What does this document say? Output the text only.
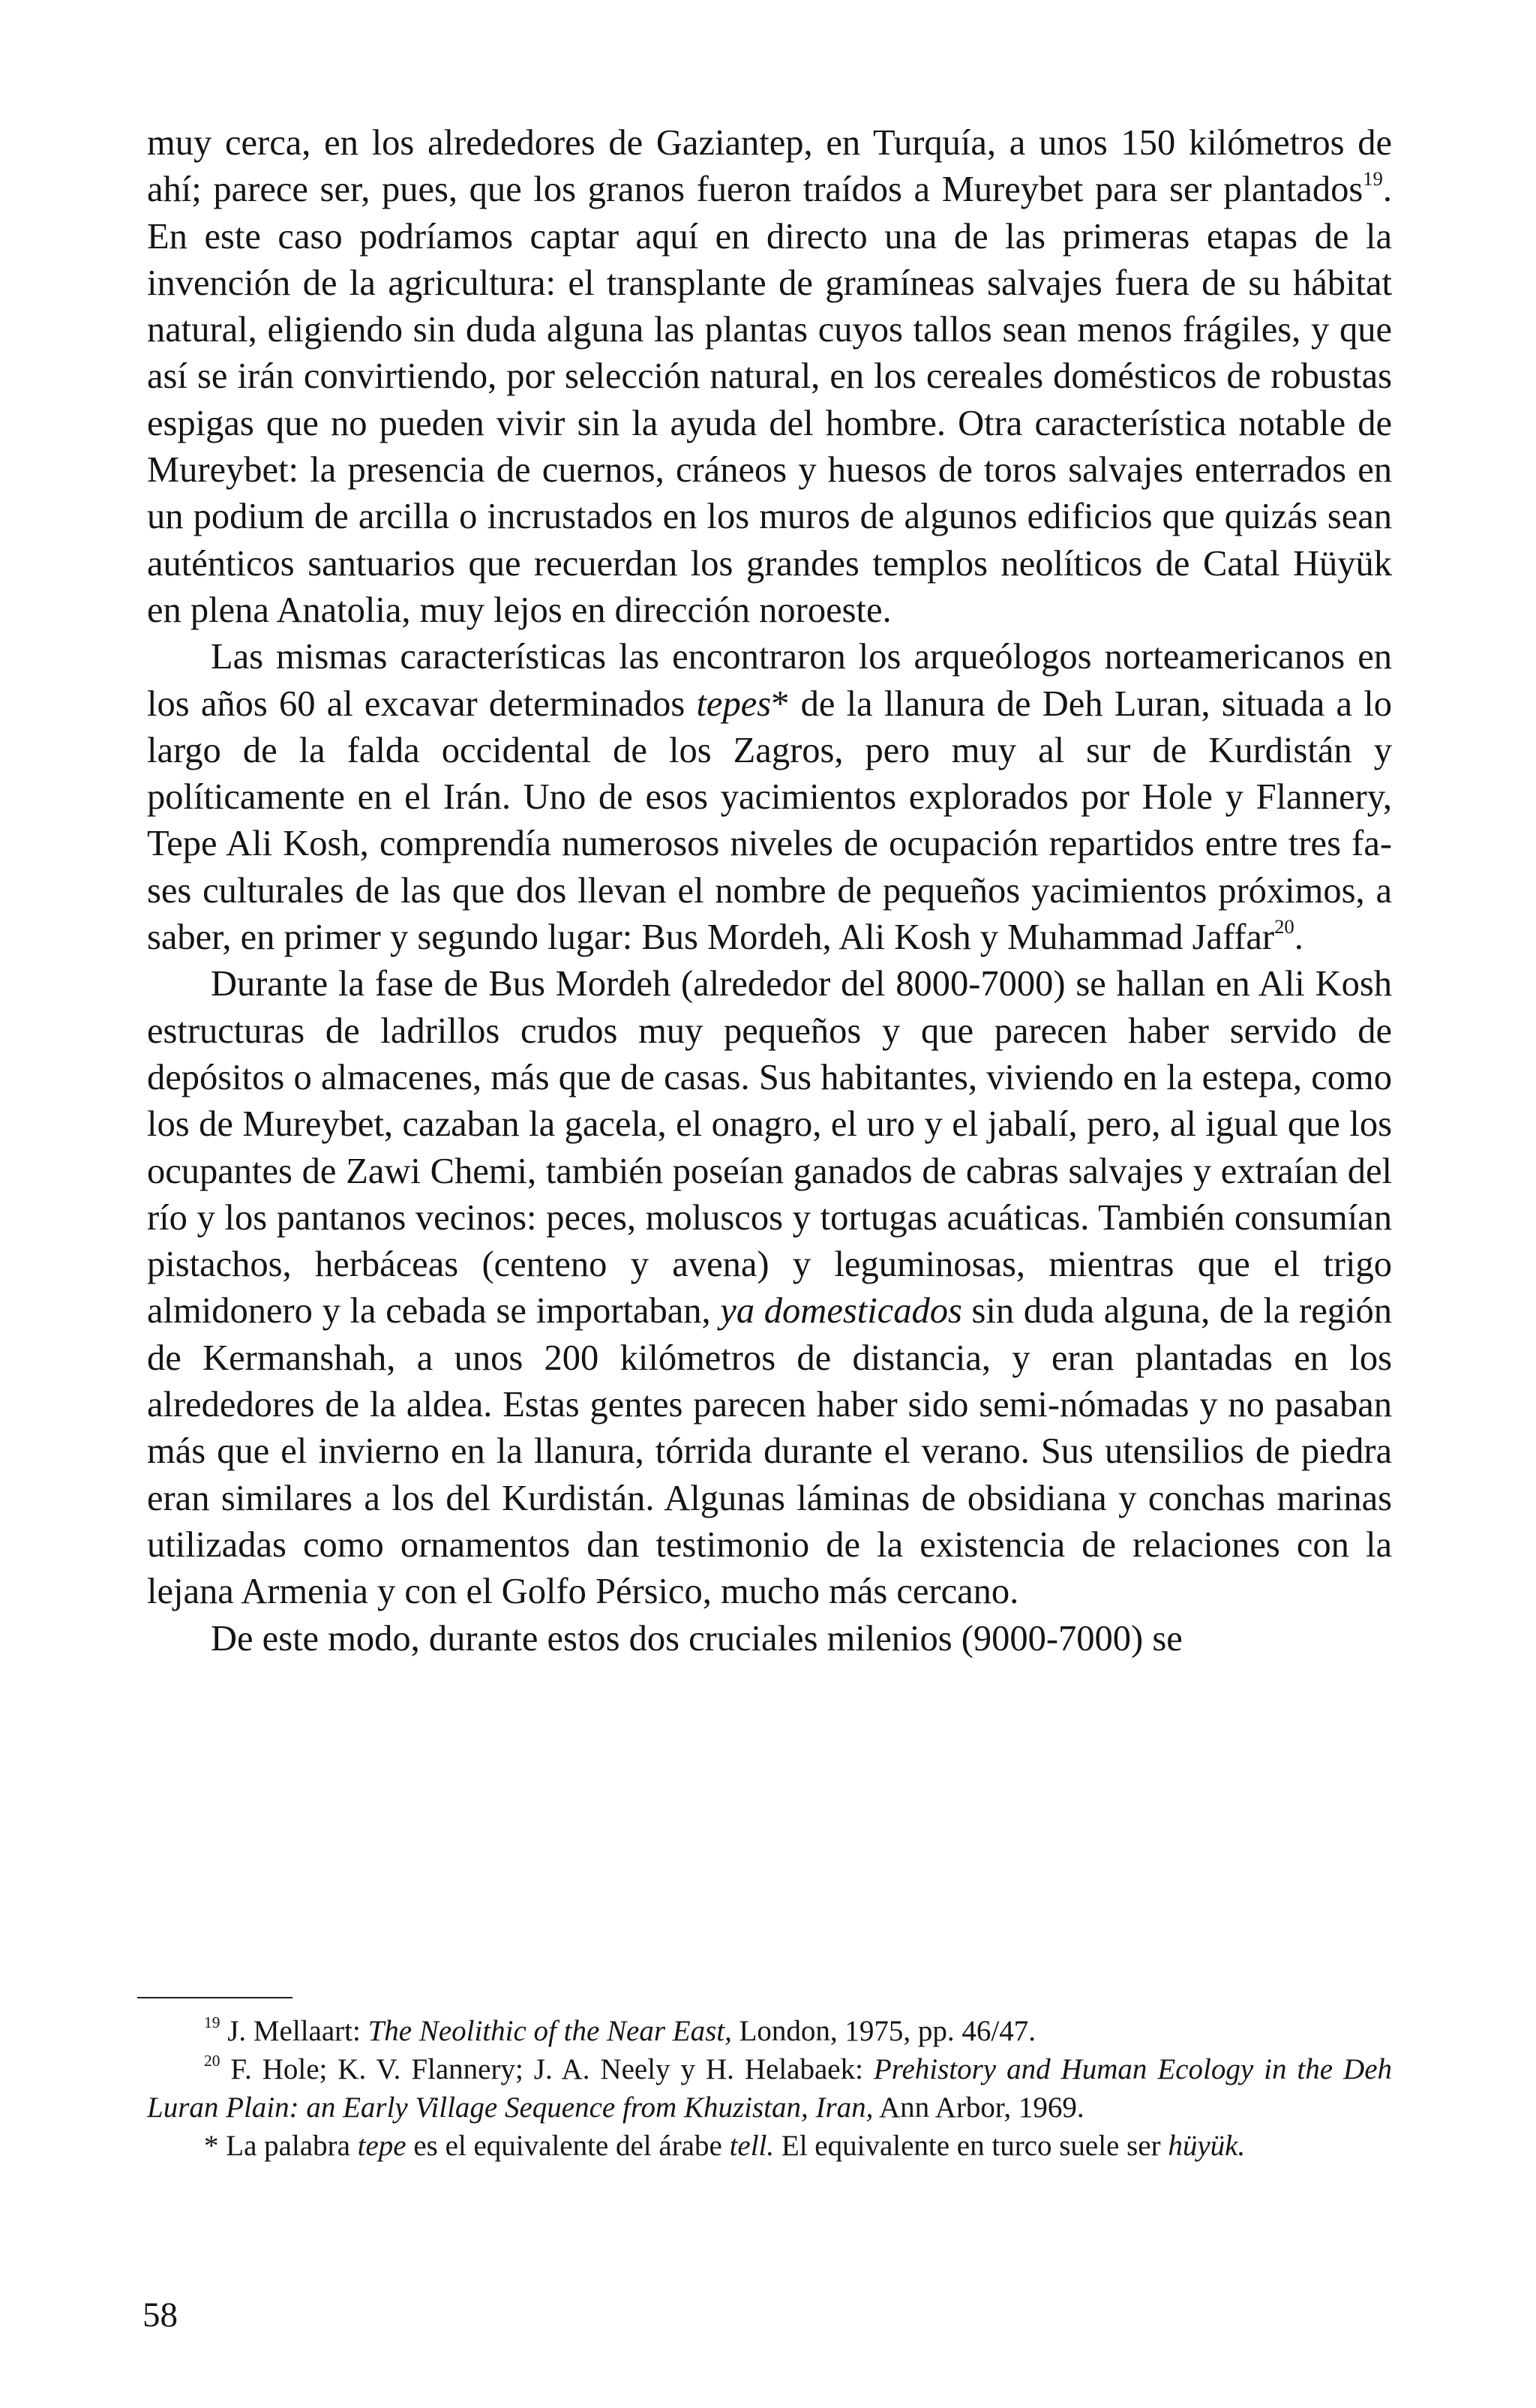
muy cerca, en los alrededores de Gaziantep, en Turquía, a unos 150 kilómetros de ahí; parece ser, pues, que los granos fueron traídos a Mureybet para ser plantados$^{19}$. En este caso podríamos captar aquí en directo una de las primeras etapas de la invención de la agricultura: el transplante de gramíneas salvajes fuera de su hábitat natural, eligiendo sin duda alguna las plantas cuyos tallos sean menos frágiles, y que así se irán convirtiendo, por selección natural, en los cereales domésticos de robustas espigas que no pueden vivir sin la ayuda del hombre. Otra característica notable de Mureybet: la presencia de cuernos, cráneos y huesos de toros salvajes enterrados en un podium de arcilla o incrustados en los muros de algunos edificios que quizás sean auténticos santuarios que recuerdan los grandes templos neolíticos de Catal Hüyük en plena Anatolia, muy lejos en dirección noroeste.

Las mismas características las encontraron los arqueólogos norteamericanos en los años 60 al excavar determinados tepes* de la llanura de Deh Luran, situada a lo largo de la falda occidental de los Zagros, pero muy al sur de Kurdistán y políticamente en el Irán. Uno de esos yacimientos explorados por Hole y Flannery, Tepe Ali Kosh, comprendía numerosos niveles de ocupación repartidos entre tres fases culturales de las que dos llevan el nombre de pequeños yacimientos próximos, a saber, en primer y segundo lugar: Bus Mordeh, Ali Kosh y Muhammad Jaffar$^{20}$.

Durante la fase de Bus Mordeh (alrededor del 8000-7000) se hallan en Ali Kosh estructuras de ladrillos crudos muy pequeños y que parecen haber servido de depósitos o almacenes, más que de casas. Sus habitantes, viviendo en la estepa, como los de Mureybet, cazaban la gacela, el onagro, el uro y el jabalí, pero, al igual que los ocupantes de Zawi Chemi, también poseían ganados de cabras salvajes y extraían del río y los pantanos vecinos: peces, moluscos y tortugas acuáticas. También consumían pistachos, herbáceas (centeno y avena) y leguminosas, mientras que el trigo almidonero y la cebada se importaban, ya domesticados sin duda alguna, de la región de Kermanshah, a unos 200 kilómetros de distancia, y eran plantadas en los alrededores de la aldea. Estas gentes parecen haber sido semi-nómadas y no pasaban más que el invierno en la llanura, tórrida durante el verano. Sus utensilios de piedra eran similares a los del Kurdistán. Algunas láminas de obsidiana y conchas marinas utilizadas como ornamentos dan testimonio de la existencia de relaciones con la lejana Armenia y con el Golfo Pérsico, mucho más cercano.

De este modo, durante estos dos cruciales milenios (9000-7000) se

$^{19}$ J. Mellaart: The Neolithic of the Near East, London, 1975, pp. 46/47.

$^{20}$ F. Hole; K. V. Flannery; J. A. Neely y H. Helabaek: Prehistory and Human Ecology in the Deh Luran Plain: an Early Village Sequence from Khuzistan, Iran, Ann Arbor, 1969.

* La palabra tepe es el equivalente del árabe tell. El equivalente en turco suele ser hüyük.

58
